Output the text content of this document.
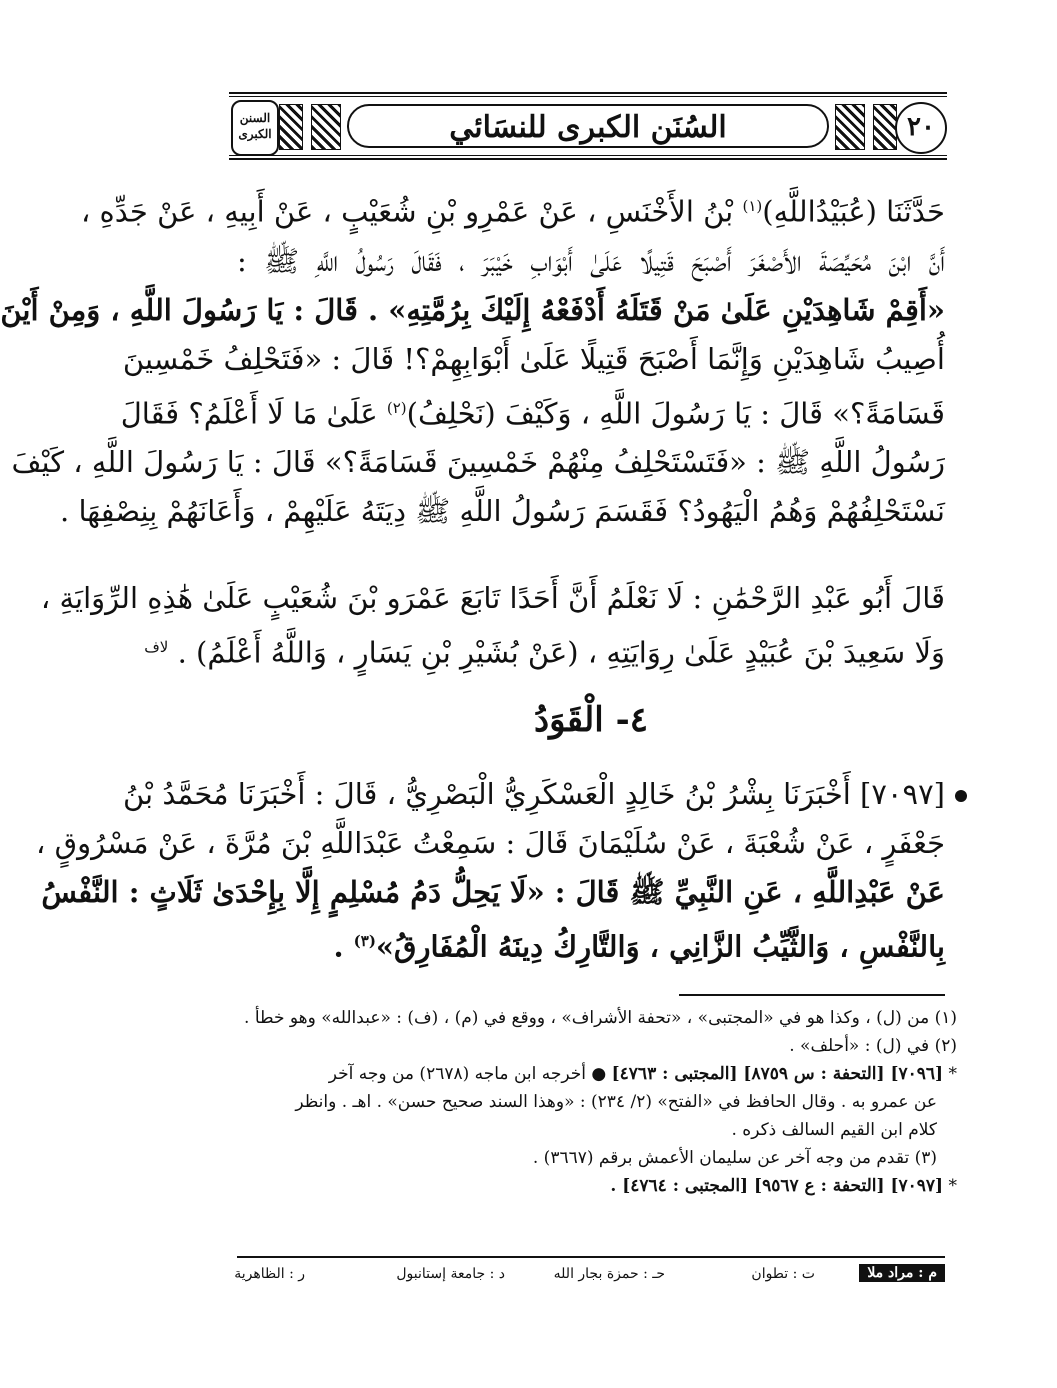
السُنَن الكبرى للنسَائي	٢٠
السنن الكبرى
حَدَّثَنَا (عُبَيْدُاللَّهِ)$^{(١)}$ بْنُ الأَخْنَسِ ، عَنْ عَمْرِو بْنِ شُعَيْبٍ ، عَنْ أَبِيهِ ، عَنْ جَدِّهِ ،
أَنَّ ابْنَ مُحَيِّصَةَ الأَصْغَرَ أَصْبَحَ قَتِيلًا عَلَىٰ أَبْوَابِ خَيْبَرَ ، فَقَالَ رَسُولُ اللَّهِ ﷺ :
«أَقِمْ شَاهِدَيْنِ عَلَىٰ مَنْ قَتَلَهُ أَدْفَعْهُ إِلَيْكَ بِرُمَّتِهِ» . قَالَ : يَا رَسُولَ اللَّهِ ، وَمِنْ أَيْنَ
أُصِيبُ شَاهِدَيْنِ وَإِنَّمَا أَصْبَحَ قَتِيلًا عَلَىٰ أَبْوَابِهِمْ؟! قَالَ : «فَتَحْلِفُ خَمْسِينَ
قَسَامَةً؟» قَالَ : يَا رَسُولَ اللَّهِ ، وَكَيْفَ (نَحْلِفُ)$^{(٢)}$ عَلَىٰ مَا لَا أَعْلَمُ؟ فَقَالَ
رَسُولُ اللَّهِ ﷺ : «فَتَسْتَحْلِفُ مِنْهُمْ خَمْسِينَ قَسَامَةً؟» قَالَ : يَا رَسُولَ اللَّهِ ، كَيْفَ
نَسْتَحْلِفُهُمْ وَهُمُ الْيَهُودُ؟ فَقَسَمَ رَسُولُ اللَّهِ ﷺ دِيَتَهُ عَلَيْهِمْ ، وَأَعَانَهُمْ بِنِصْفِهَا .
قَالَ أَبُو عَبْدِ الرَّحْمَٰنِ : لَا نَعْلَمُ أَنَّ أَحَدًا تَابَعَ عَمْرَو بْنَ شُعَيْبٍ عَلَىٰ هَٰذِهِ الرِّوَايَةِ ،
وَلَا سَعِيدَ بْنَ عُبَيْدٍ عَلَىٰ رِوَايَتِهِ ، (عَنْ بُشَيْرِ بْنِ يَسَارٍ ، وَاللَّهُ أَعْلَمُ) . $^{لاف}$
٤- الْقَوَدُ
[٧٠٩٧] أَخْبَرَنَا بِشْرُ بْنُ خَالِدٍ الْعَسْكَرِيُّ الْبَصْرِيُّ ، قَالَ : أَخْبَرَنَا مُحَمَّدُ بْنُ
جَعْفَرٍ ، عَنْ شُعْبَةَ ، عَنْ سُلَيْمَانَ قَالَ : سَمِعْتُ عَبْدَاللَّهِ بْنَ مُرَّةَ ، عَنْ مَسْرُوقٍ ،
عَنْ عَبْدِاللَّهِ ، عَنِ النَّبِيِّ ﷺ قَالَ : «لَا يَحِلُّ دَمُ مُسْلِمٍ إِلَّا بِإِحْدَىٰ ثَلَاثٍ : النَّفْسُ
بِالنَّفْسِ ، وَالثَّيِّبُ الزَّانِي ، وَالتَّارِكُ دِينَهُ الْمُفَارِقُ»$^{(٣)}$ .
(١) من (ل) ، وكذا هو في «المجتبى» ، «تحفة الأشراف» ، ووقع في (م) ، (ف) : «عبدالله» وهو خطأ .
(٢) في (ل) : «أحلف» .
* [٧٠٩٦] [التحفة : س ٨٧٥٩] [المجتبى : ٤٧٦٣] ● أخرجه ابن ماجه (٢٦٧٨) من وجه آخر
عن عمرو به . وقال الحافظ في «الفتح» (٢/ ٢٣٤) : «وهذا السند صحيح حسن» . اهـ . وانظر
كلام ابن القيم السالف ذكره .
(٣) تقدم من وجه آخر عن سليمان الأعمش برقم (٣٦٦٧) .
* [٧٠٩٧] [التحفة : ع ٩٥٦٧] [المجتبى : ٤٧٦٤] .
م : مراد ملا
ت : تطوان
حـ : حمزة بجار الله
د : جامعة إستانبول
ر : الظاهرية
